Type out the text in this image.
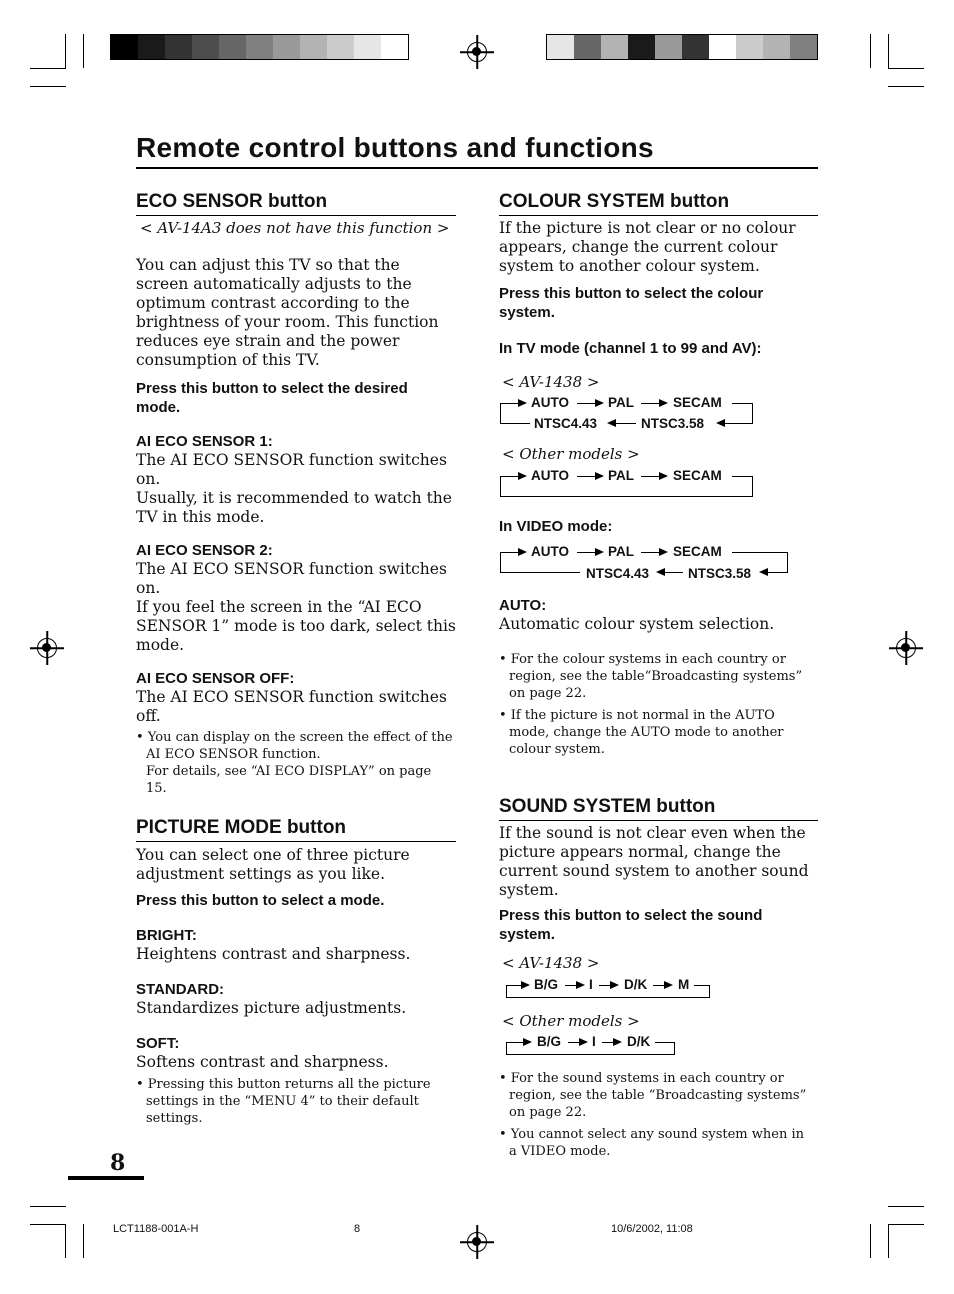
Remote control buttons and functions
ECO SENSOR button
< AV-14A3 does not have this function >
You can adjust this TV so that the screen automatically adjusts to the optimum contrast according to the brightness of your room. This function reduces eye strain and the power consumption of this TV.
Press this button to select the desired mode.
AI ECO SENSOR 1:
The AI ECO SENSOR function switches on.
Usually, it is recommended to watch the TV in this mode.
AI ECO SENSOR 2:
The AI ECO SENSOR function switches on.
If you feel the screen in the “AI ECO SENSOR 1” mode is too dark, select this mode.
AI ECO SENSOR OFF:
The AI ECO SENSOR function switches off.
• You can display on the screen the effect of the AI ECO SENSOR function.
For details, see “AI ECO DISPLAY” on page 15.
PICTURE MODE button
You can select one of three picture adjustment settings as you like.
Press this button to select a mode.
BRIGHT:
Heightens contrast and sharpness.
STANDARD:
Standardizes picture adjustments.
SOFT:
Softens contrast and sharpness.
• Pressing this button returns all the picture settings in the “MENU 4” to their default settings.
COLOUR SYSTEM button
If the picture is not clear or no colour appears, change the current colour system to another colour system.
Press this button to select the colour system.
In TV mode (channel 1 to 99 and AV):
< AV-1438 >
AUTO	PAL	SECAM
NTSC3.58
NTSC4.43
< Other models >
AUTO	PAL	SECAM
In VIDEO mode:
AUTO	PAL	SECAM
NTSC3.58
NTSC4.43
AUTO:
Automatic colour system selection.
• For the colour systems in each country or region, see the table“Broadcasting systems” on page 22.
• If the picture is not normal in the AUTO mode, change the AUTO mode to another colour system.
SOUND SYSTEM button
If the sound is not clear even when the picture appears normal, change the current sound system to another sound system.
Press this button to select the sound system.
< AV-1438 >
B/G I D/K M
< Other models >
B/G I D/K
• For the sound systems in each country or region, see the table “Broadcasting systems” on page 22.
• You cannot select any sound system when in a VIDEO mode.
8
LCT1188-001A-H	8	10/6/2002, 11:08
